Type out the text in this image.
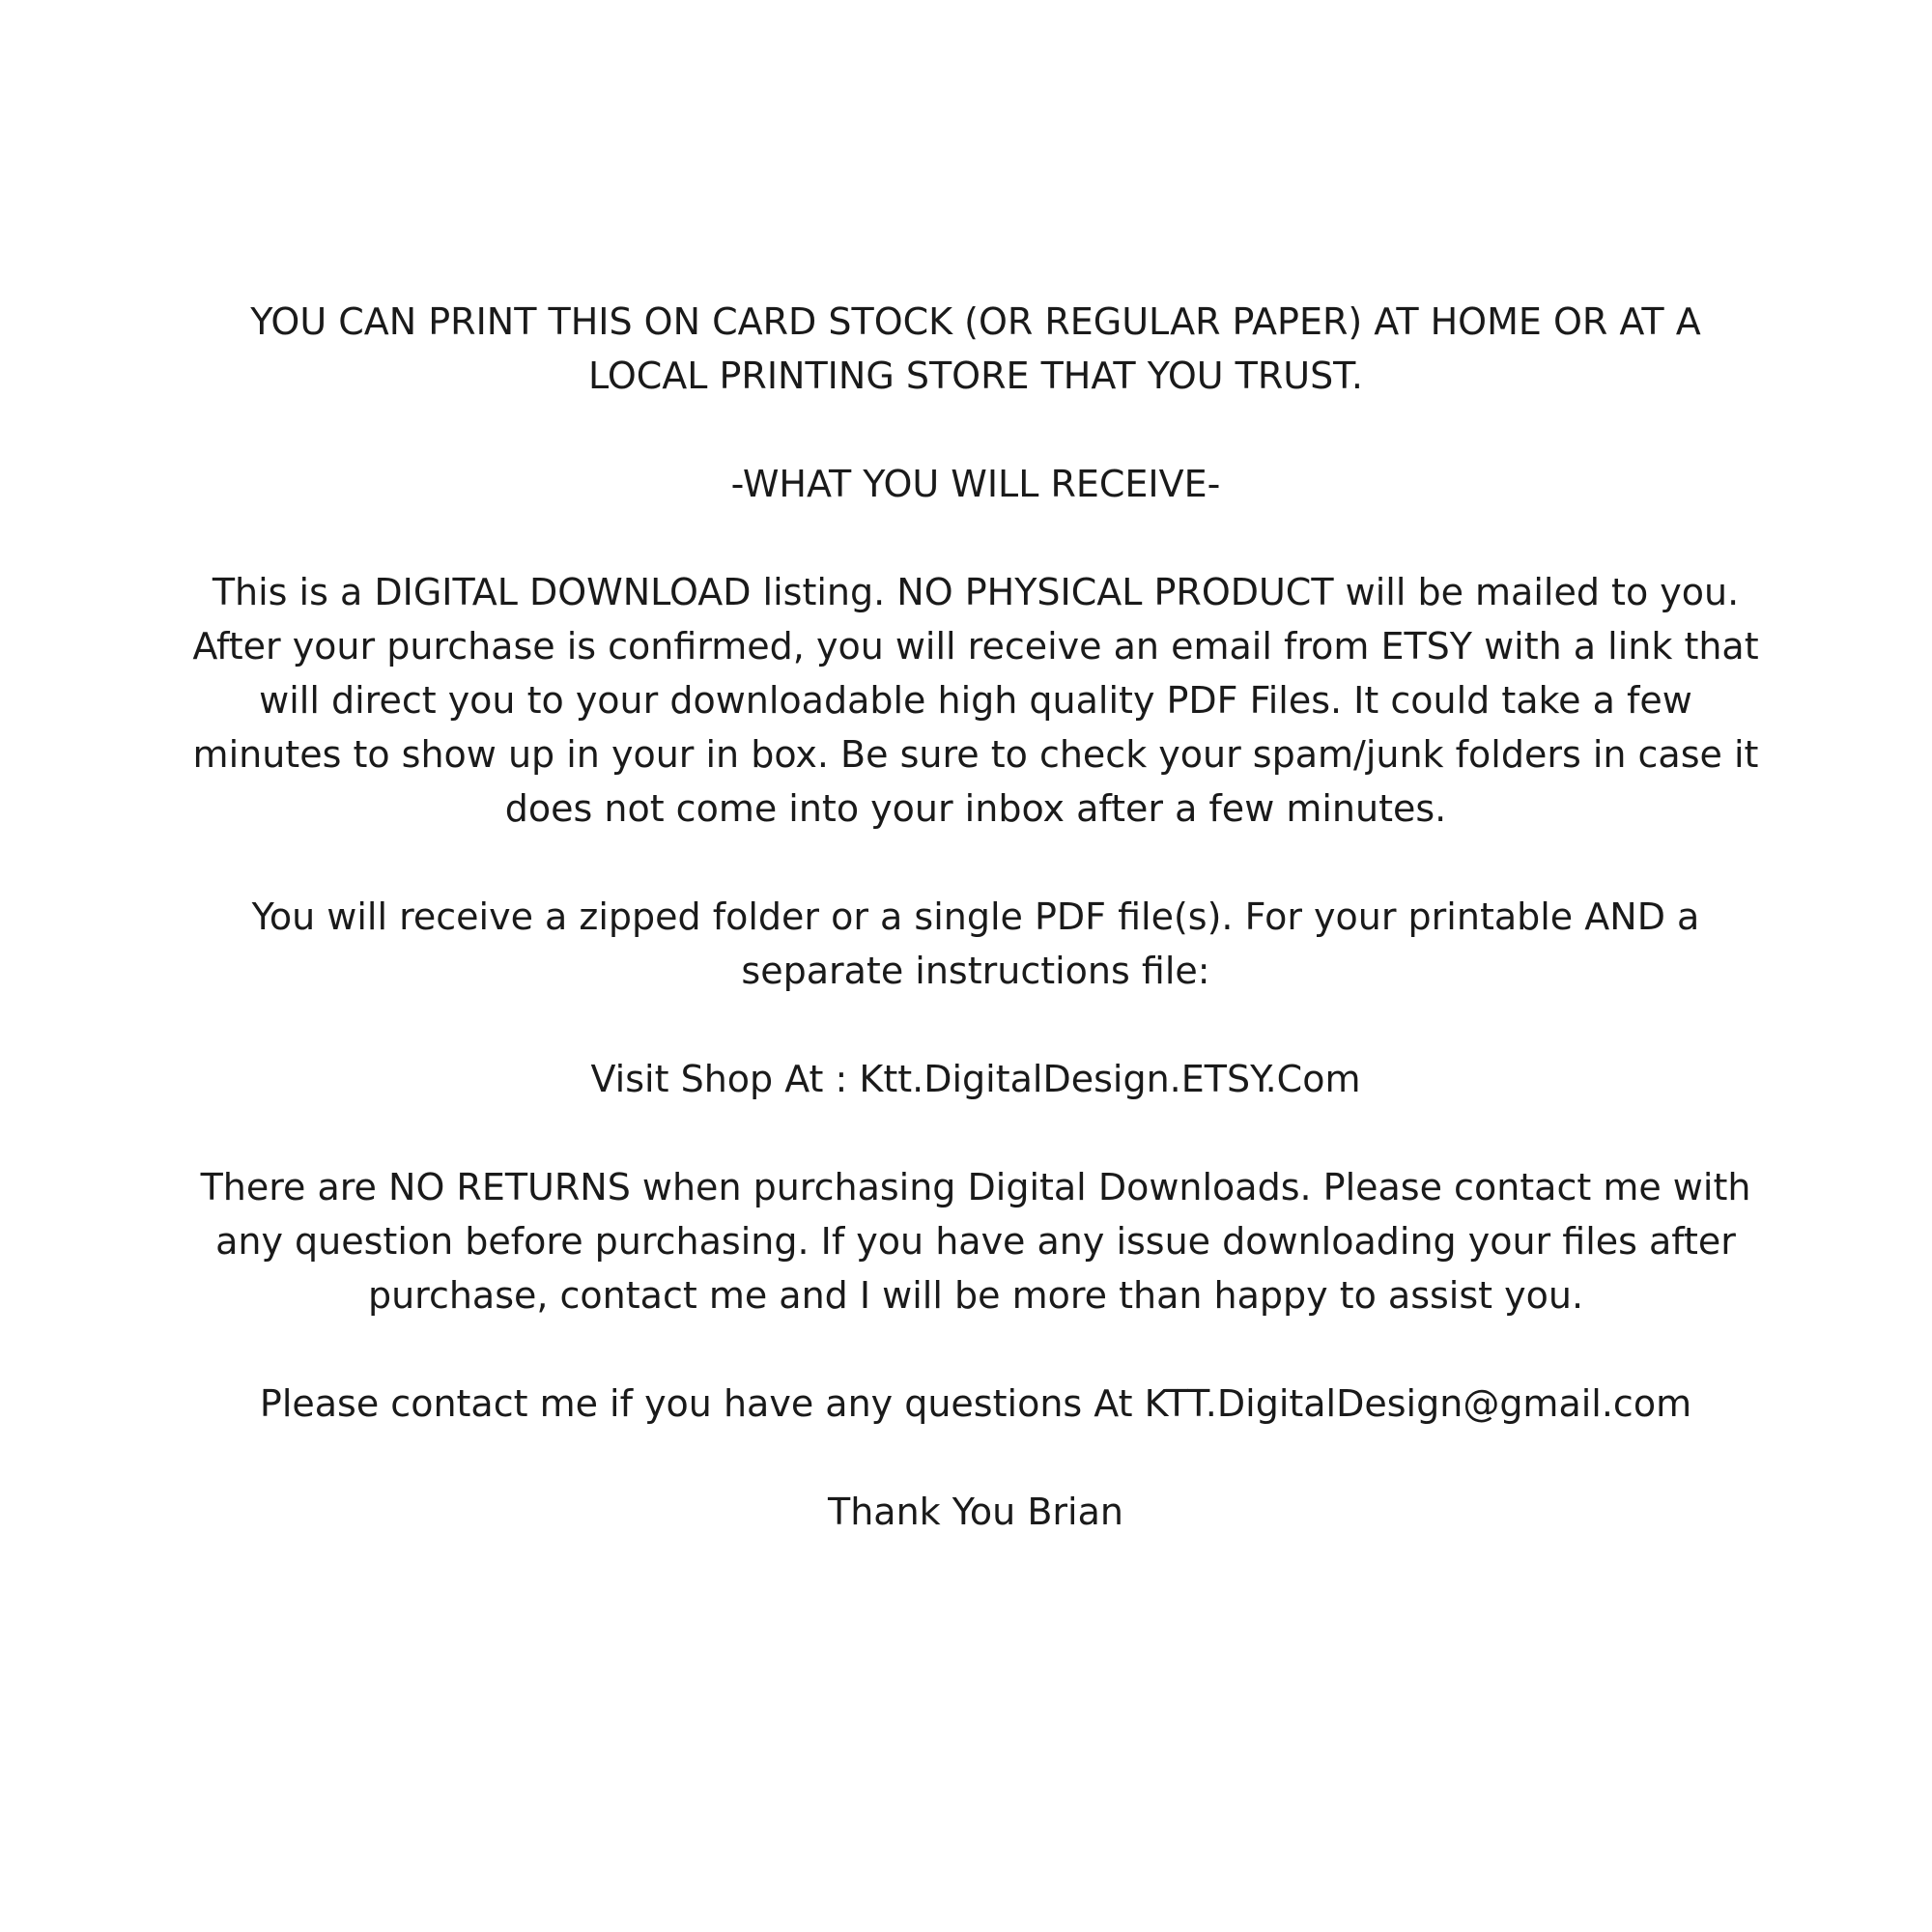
YOU CAN PRINT THIS ON CARD STOCK (OR REGULAR PAPER) AT HOME OR AT A LOCAL PRINTING STORE THAT YOU TRUST.

-WHAT YOU WILL RECEIVE-

This is a DIGITAL DOWNLOAD listing. NO PHYSICAL PRODUCT will be mailed to you. After your purchase is confirmed, you will receive an email from ETSY with a link that will direct you to your downloadable high quality PDF Files. It could take a few minutes to show up in your in box. Be sure to check your spam/junk folders in case it does not come into your inbox after a few minutes.

You will receive a zipped folder or a single PDF file(s). For your printable AND a separate instructions file:

Visit Shop At : Ktt.DigitalDesign.ETSY.Com

There are NO RETURNS when purchasing Digital Downloads. Please contact me with any question before purchasing. If you have any issue downloading your files after purchase, contact me and I will be more than happy to assist you.

Please contact me if you have any questions At KTT.DigitalDesign@gmail.com

Thank You Brian
